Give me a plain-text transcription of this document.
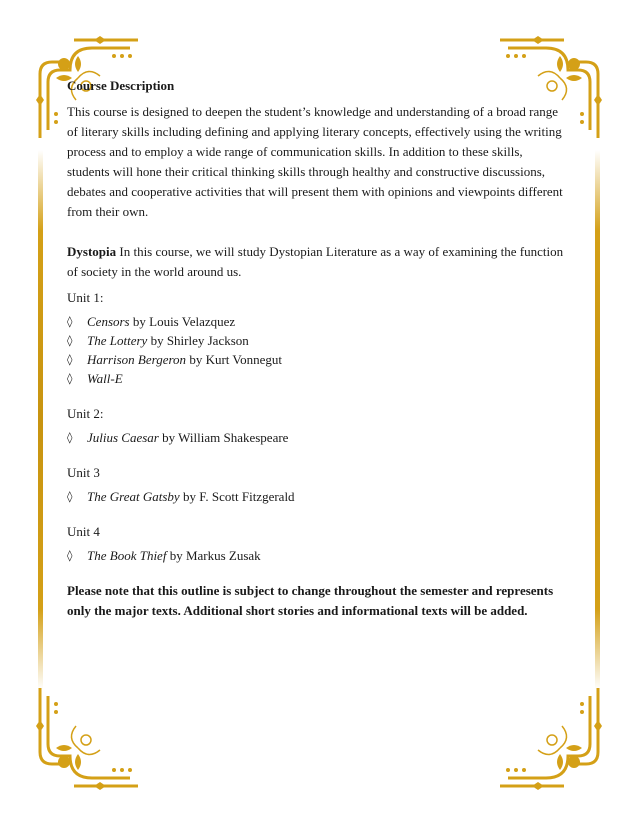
Course Description

This course is designed to deepen the student’s knowledge and understanding of a broad range of literary skills including defining and applying literary concepts, effectively using the writing process and to employ a wide range of communication skills. In addition to these skills, students will hone their critical thinking skills through healthy and constructive discussions, debates and cooperative activities that will present them with opinions and viewpoints different from their own.

Dystopia In this course, we will study Dystopian Literature as a way of examining the function of society in the world around us.

Unit 1:

◊	Censors by Louis Velazquez
◊	The Lottery by Shirley Jackson
◊	Harrison Bergeron by Kurt Vonnegut
◊	Wall-E

Unit 2:

◊	Julius Caesar by William Shakespeare

Unit 3

◊	The Great Gatsby by F. Scott Fitzgerald

Unit 4

◊	The Book Thief by Markus Zusak

Please note that this outline is subject to change throughout the semester and represents only the major texts. Additional short stories and informational texts will be added.
